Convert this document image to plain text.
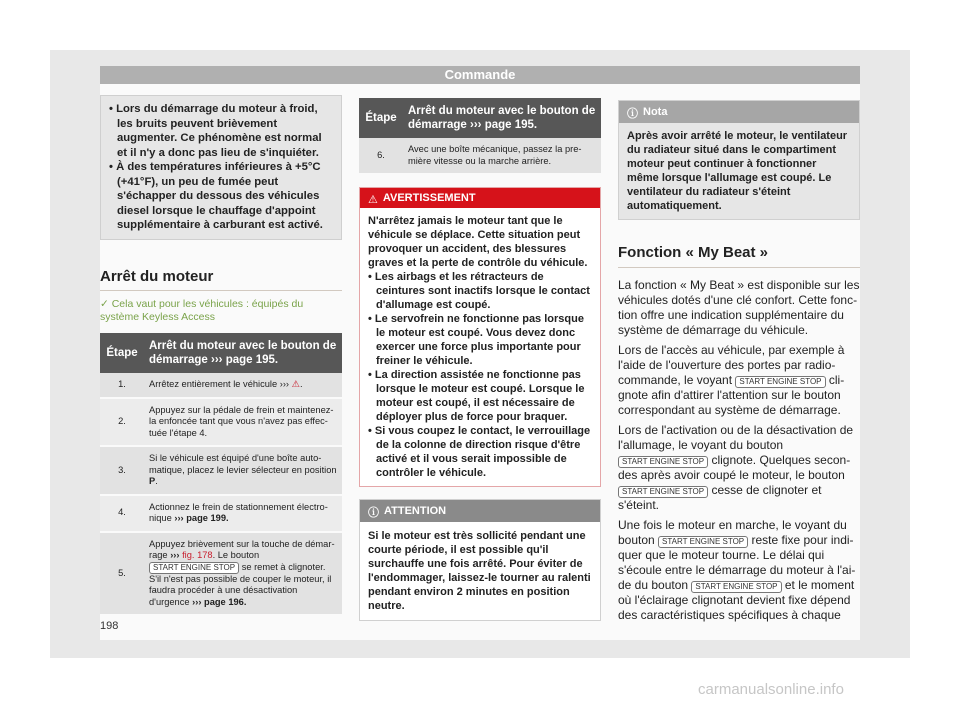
Commande
• Lors du démarrage du moteur à froid, les bruits peuvent brièvement augmenter. Ce phénomène est normal et il n'y a donc pas lieu de s'inquiéter.
• À des températures inférieures à +5°C (+41°F), un peu de fumée peut s'échapper du dessous des véhicules diesel lorsque le chauffage d'appoint supplémentaire à carburant est activé.
Arrêt du moteur
✓ Cela vaut pour les véhicules : équipés du système Keyless Access
Étape	Arrêt du moteur avec le bouton de démarrage ››› page 195.
1.	Arrêtez entièrement le véhicule ››› ⚠.
2.	Appuyez sur la pédale de frein et maintenez-la enfoncée tant que vous n'avez pas effectuée l'étape 4.
3.	Si le véhicule est équipé d'une boîte automatique, placez le levier sélecteur en position P.
4.	Actionnez le frein de stationnement électronique ››› page 199.
5.	Appuyez brièvement sur la touche de démarrage ››› fig. 178. Le bouton START ENGINE STOP se remet à clignoter. S'il n'est pas possible de couper le moteur, il faudra procéder à une désactivation d'urgence ››› page 196.
Étape	Arrêt du moteur avec le bouton de démarrage ››› page 195.
6.	Avec une boîte mécanique, passez la première vitesse ou la marche arrière.
⚠ AVERTISSEMENT
N'arrêtez jamais le moteur tant que le véhicule se déplace. Cette situation peut provoquer un accident, des blessures graves et la perte de contrôle du véhicule.
• Les airbags et les rétracteurs de ceintures sont inactifs lorsque le contact d'allumage est coupé.
• Le servofrein ne fonctionne pas lorsque le moteur est coupé. Vous devez donc exercer une force plus importante pour freiner le véhicule.
• La direction assistée ne fonctionne pas lorsque le moteur est coupé. Lorsque le moteur est coupé, il est nécessaire de déployer plus de force pour braquer.
• Si vous coupez le contact, le verrouillage de la colonne de direction risque d'être activé et il vous serait impossible de contrôler le véhicule.
ⓘ ATTENTION
Si le moteur est très sollicité pendant une courte période, il est possible qu'il surchauffe une fois arrêté. Pour éviter de l'endommager, laissez-le tourner au ralenti pendant environ 2 minutes en position neutre.
ⓘ Nota
Après avoir arrêté le moteur, le ventilateur du radiateur situé dans le compartiment moteur peut continuer à fonctionner même lorsque l'allumage est coupé. Le ventilateur du radiateur s'éteint automatiquement.
Fonction « My Beat »

La fonction « My Beat » est disponible sur les véhicules dotés d'une clé confort. Cette fonction offre une indication supplémentaire du système de démarrage du véhicule.

Lors de l'accès au véhicule, par exemple à l'aide de l'ouverture des portes par radiocommande, le voyant START ENGINE STOP clignote afin d'attirer l'attention sur le bouton correspondant au système de démarrage.

Lors de l'activation ou de la désactivation de l'allumage, le voyant du bouton START ENGINE STOP clignote. Quelques secondes après avoir coupé le moteur, le bouton START ENGINE STOP cesse de clignoter et s'éteint.

Une fois le moteur en marche, le voyant du bouton START ENGINE STOP reste fixe pour indiquer que le moteur tourne. Le délai qui s'écoule entre le démarrage du moteur à l'aide du bouton START ENGINE STOP et le moment où l'éclairage clignotant devient fixe dépend des caractéristiques spécifiques à chaque

198
carmanualsonline.info
